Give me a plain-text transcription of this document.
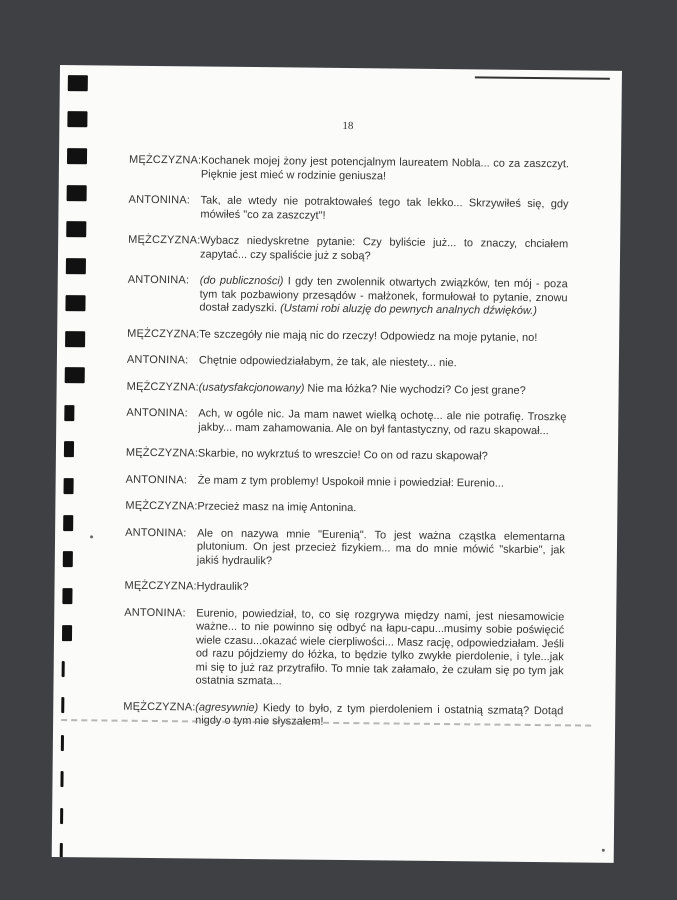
18
MĘŻCZYZNA: Kochanek mojej żony jest potencjalnym laureatem Nobla... co za zaszczyt. Pięknie jest mieć w rodzinie geniusza!
ANTONINA: Tak, ale wtedy nie potraktowałeś tego tak lekko... Skrzywiłeś się, gdy mówiłeś "co za zaszczyt"!
MĘŻCZYZNA: Wybacz niedyskretne pytanie: Czy byliście już... to znaczy, chciałem zapytać... czy spaliście już z sobą?
ANTONINA: (do publiczności) I gdy ten zwolennik otwartych związków, ten mój - poza tym tak pozbawiony przesądów - małżonek, formułował to pytanie, znowu dostał zadyszki. (Ustami robi aluzję do pewnych analnych dźwięków.)
MĘŻCZYZNA: Te szczegóły nie mają nic do rzeczy! Odpowiedz na moje pytanie, no!
ANTONINA: Chętnie odpowiedziałabym, że tak, ale niestety... nie.
MĘŻCZYZNA: (usatysfakcjonowany) Nie ma łóżka? Nie wychodzi? Co jest grane?
ANTONINA: Ach, w ogóle nic. Ja mam nawet wielką ochotę... ale nie potrafię. Troszkę jakby... mam zahamowania. Ale on był fantastyczny, od razu skapował...
MĘŻCZYZNA: Skarbie, no wykrztuś to wreszcie! Co on od razu skapował?
ANTONINA: Że mam z tym problemy! Uspokoił mnie i powiedział: Eurenio...
MĘŻCZYZNA: Przecież masz na imię Antonina.
ANTONINA: Ale on nazywa mnie "Eurenią". To jest ważna cząstka elementarna plutonium. On jest przecież fizykiem... ma do mnie mówić "skarbie", jak jakiś hydraulik?
MĘŻCZYZNA: Hydraulik?
ANTONINA: Eurenio, powiedział, to, co się rozgrywa między nami, jest niesamowicie ważne... to nie powinno się odbyć na łapu-capu...musimy sobie poświęcić wiele czasu...okazać wiele cierpliwości... Masz rację, odpowiedziałam. Jeśli od razu pójdziemy do łóżka, to będzie tylko zwykłe pierdolenie, i tyle...jak mi się to już raz przytrafiło. To mnie tak załamało, że czułam się po tym jak ostatnia szmata...
MĘŻCZYZNA: (agresywnie) Kiedy to było, z tym pierdoleniem i ostatnią szmatą? Dotąd nigdy o tym nie słyszałem!
